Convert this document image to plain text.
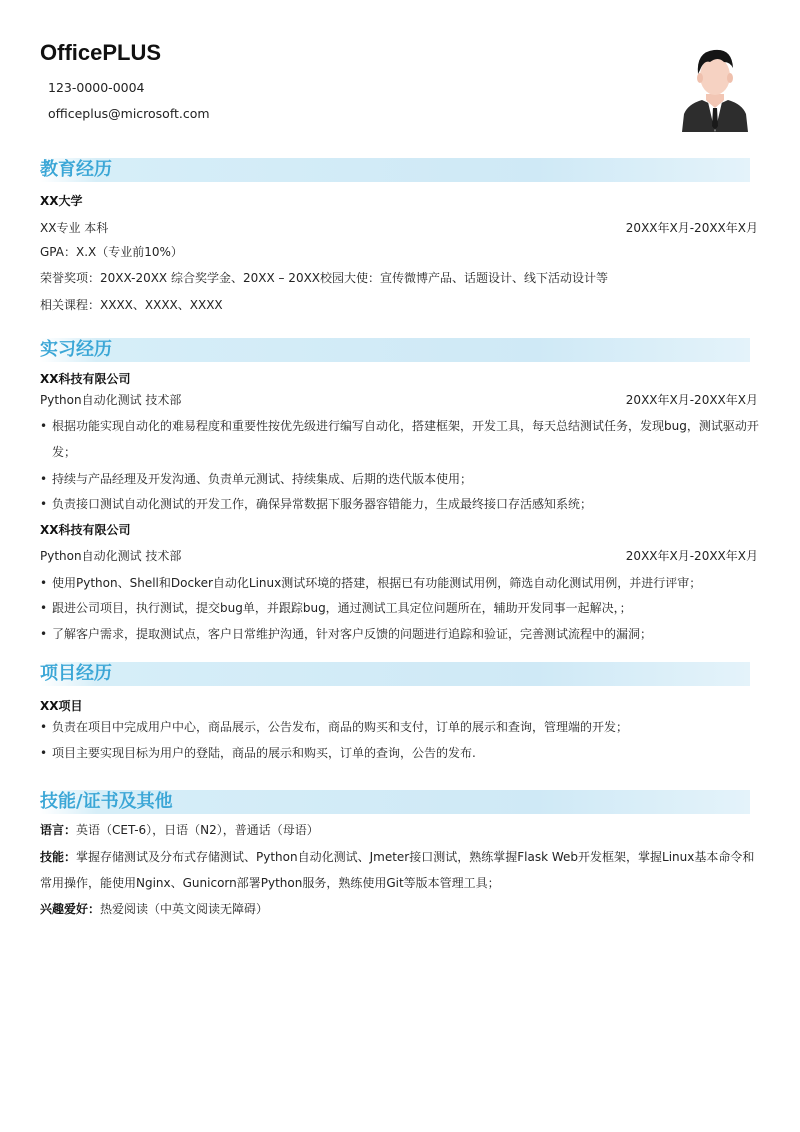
OfficePLUS
123-0000-0004
officeplus@microsoft.com
教育经历
XX大学
XX专业 本科	20XX年X月-20XX年X月
GPA：X.X（专业前10%）
荣誉奖项：20XX-20XX 综合奖学金、20XX – 20XX校园大使：宣传微博产品、话题设计、线下活动设计等
相关课程：XXXX、XXXX、XXXX
实习经历
XX科技有限公司
Python自动化测试 技术部	20XX年X月-20XX年X月
• 根据功能实现自动化的难易程度和重要性按优先级进行编写自动化，搭建框架，开发工具，每天总结测试任务，发现bug，测试驱动开发；
• 持续与产品经理及开发沟通、负责单元测试、持续集成、后期的迭代版本使用；
• 负责接口测试自动化测试的开发工作，确保异常数据下服务器容错能力，生成最终接口存活感知系统；
XX科技有限公司
Python自动化测试 技术部	20XX年X月-20XX年X月
• 使用Python、Shell和Docker自动化Linux测试环境的搭建，根据已有功能测试用例，筛选自动化测试用例，并进行评审；
• 跟进公司项目，执行测试，提交bug单，并跟踪bug，通过测试工具定位问题所在，辅助开发同事一起解决，；
• 了解客户需求，提取测试点，客户日常维护沟通，针对客户反馈的问题进行追踪和验证，完善测试流程中的漏洞；
项目经历
XX项目
• 负责在项目中完成用户中心，商品展示，公告发布，商品的购买和支付，订单的展示和查询，管理端的开发；
• 项目主要实现目标为用户的登陆，商品的展示和购买，订单的查询，公告的发布.
技能/证书及其他
语言：英语（CET-6），日语（N2），普通话（母语）
技能：掌握存储测试及分布式存储测试、Python自动化测试、Jmeter接口测试，熟练掌握Flask Web开发框架，掌握Linux基本命令和常用操作，能使用Nginx、Gunicorn部署Python服务，熟练使用Git等版本管理工具；
兴趣爱好：热爱阅读（中英文阅读无障碍）
